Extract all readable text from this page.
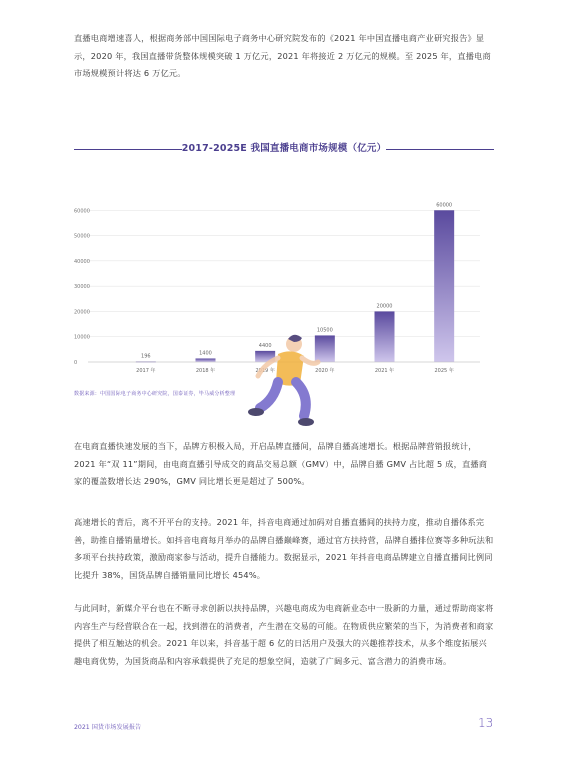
直播电商增速喜人，根据商务部中国国际电子商务中心研究院发布的《2021 年中国直播电商产业研究报告》显示，2020 年，我国直播带货整体规模突破 1 万亿元，2021 年将接近 2 万亿元的规模。至 2025 年，直播电商市场规模预计将达 6 万亿元。

2017-2025E 我国直播电商市场规模（亿元）
0
10000
20000
30000
40000
50000
60000
196
2017 年
1400
2018 年
4400
2019 年
10500
2020 年
20000
2021 年
60000
2025 年
数据来源：中国国际电子商务中心研究院，国泰证券，毕马威分析整理

在电商直播快速发展的当下，品牌方积极入局，开启品牌直播间，品牌自播高速增长。根据品牌营销报统计，2021 年“双 11”期间，由电商直播引导成交的商品交易总额（GMV）中，品牌自播 GMV 占比超 5 成，直播商家的覆盖数增长达 290%，GMV 同比增长更是超过了 500%。

高速增长的背后，离不开平台的支持。2021 年，抖音电商通过加码对自播直播间的扶持力度，推动自播体系完善，助推自播销量增长。如抖音电商每月举办的品牌自播巅峰赛，通过官方扶持营，品牌自播排位赛等多种玩法和多项平台扶持政策，激励商家参与活动，提升自播能力。数据显示，2021 年抖音电商品牌建立自播直播间比例同比提升 38%，国货品牌自播销量同比增长 454%。

与此同时，新媒介平台也在不断寻求创新以扶持品牌，兴趣电商成为电商新业态中一股新的力量，通过帮助商家将内容生产与经营联合在一起，找到潜在的消费者，产生潜在交易的可能。在物质供应繁荣的当下，为消费者和商家提供了相互触达的机会。2021 年以来，抖音基于超 6 亿的日活用户及强大的兴趣推荐技术，从多个维度拓展兴趣电商优势，为国货商品和内容承载提供了充足的想象空间，造就了广阔多元、富含潜力的消费市场。

2021 国货市场发展报告	13
